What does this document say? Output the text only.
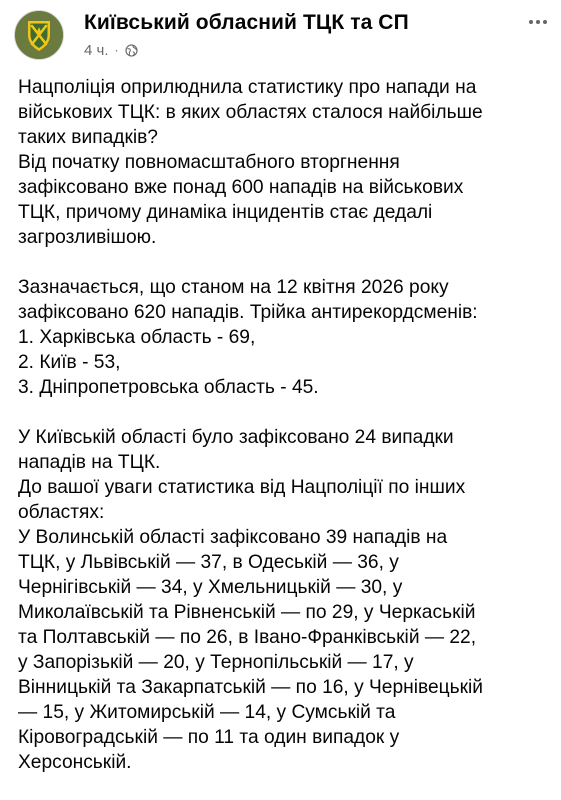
Київський обласний ТЦК та СП
4 ч. ·

Нацполіція оприлюднила статистику про напади на
військових ТЦК: в яких областях сталося найбільше
таких випадків?
Від початку повномасштабного вторгнення
зафіксовано вже понад 600 нападів на військових
ТЦК, причому динаміка інцидентів стає дедалі
загрозливішою.

Зазначається, що станом на 12 квітня 2026 року
зафіксовано 620 нападів. Трійка антирекордсменів:
1. Харківська область - 69,
2. Київ - 53,
3. Дніпропетровська область - 45.

У Київській області було зафіксовано 24 випадки
нападів на ТЦК.
До вашої уваги статистика від Нацполіції по інших
областях:
У Волинській області зафіксовано 39 нападів на
ТЦК, у Львівській — 37, в Одеській — 36, у
Чернігівській — 34, у Хмельницькій — 30, у
Миколаївській та Рівненській — по 29, у Черкаській
та Полтавській — по 26, в Івано-Франківській — 22,
у Запорізькій — 20, у Тернопільській — 17, у
Вінницькій та Закарпатській — по 16, у Чернівецькій
— 15, у Житомирській — 14, у Сумській та
Кіровоградській — по 11 та один випадок у
Херсонській.
